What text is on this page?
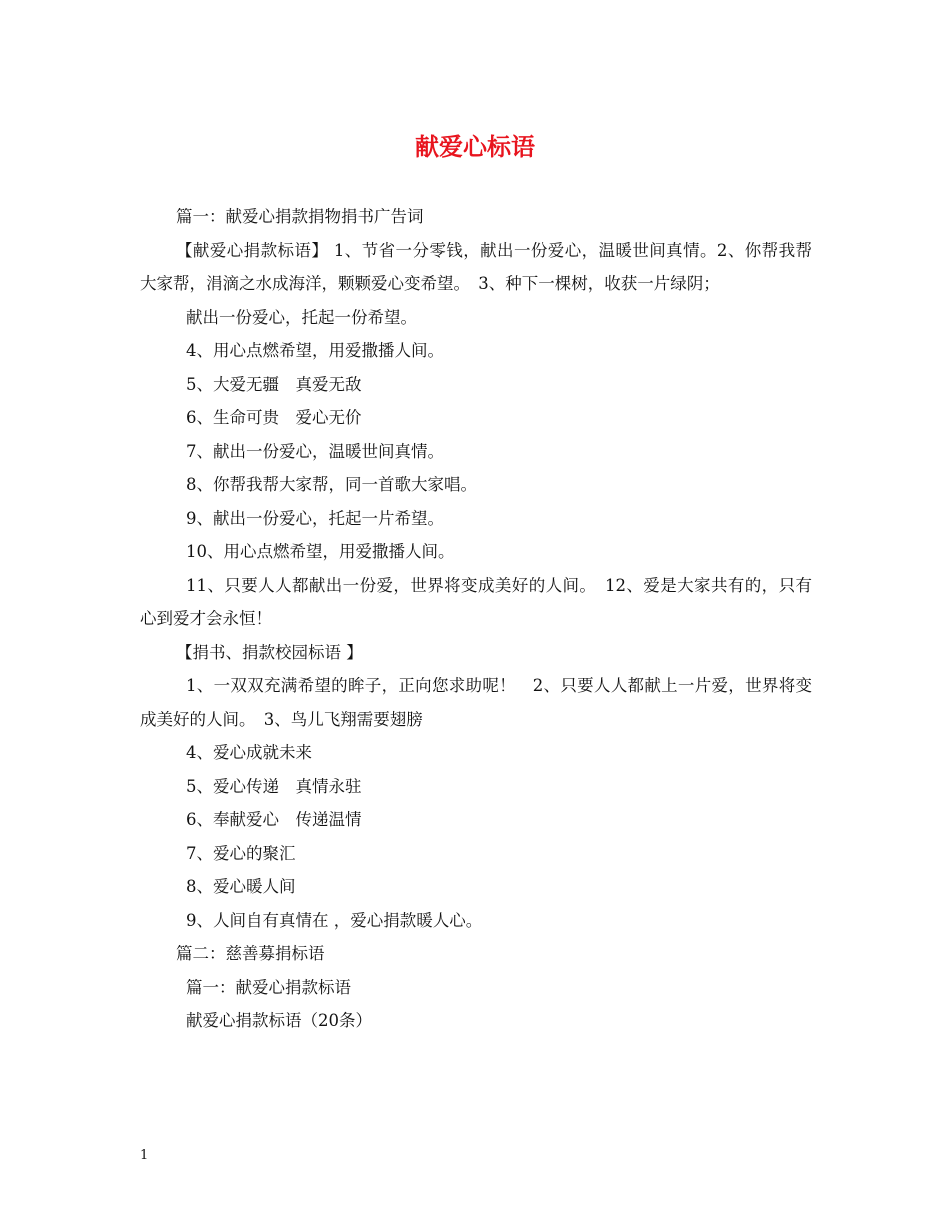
献爱心标语

篇一：献爱心捐款捐物捐书广告词

【献爱心捐款标语】 1、节省一分零钱，献出一份爱心，温暖世间真情。2、你帮我帮大家帮，涓滴之水成海洋，颗颗爱心变希望。　3、种下一棵树，收获一片绿阴；

献出一份爱心，托起一份希望。

4、用心点燃希望，用爱撒播人间。

5、大爱无疆　真爱无敌

6、生命可贵　爱心无价

7、献出一份爱心，温暖世间真情。

8、你帮我帮大家帮，同一首歌大家唱。

9、献出一份爱心，托起一片希望。

10、用心点燃希望，用爱撒播人间。

11、只要人人都献出一份爱，世界将变成美好的人间。　12、爱是大家共有的，只有心到爱才会永恒！

【捐书、捐款校园标语 】

1、一双双充满希望的眸子，正向您求助呢！　2、只要人人都献上一片爱，世界将变成美好的人间。　3、鸟儿飞翔需要翅膀

4、爱心成就未来

5、爱心传递　真情永驻

6、奉献爱心　传递温情

7、爱心的聚汇

8、爱心暖人间

9、人间自有真情在 ，爱心捐款暖人心。

篇二：慈善募捐标语

篇一：献爱心捐款标语

献爱心捐款标语（20条）

1
